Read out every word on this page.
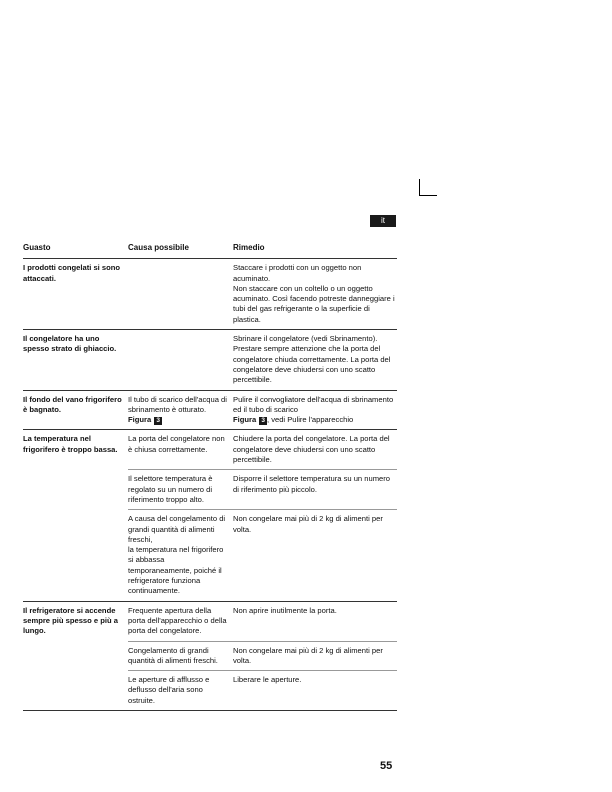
it
Guasto	Causa possibile	Rimedio
I prodotti congelati si sono attaccati.
Staccare i prodotti con un oggetto non acuminato.
Non staccare con un coltello o un oggetto acuminato. Così facendo potreste danneggiare i tubi del gas refrigerante o la superficie di plastica.
Il congelatore ha uno spesso strato di ghiaccio.
Sbrinare il congelatore (vedi Sbrinamento). Prestare sempre attenzione che la porta del congelatore chiuda correttamente. La porta del congelatore deve chiudersi con uno scatto percettibile.
Il fondo del vano frigorifero è bagnato.
Il tubo di scarico dell'acqua di sbrinamento è otturato. Figura 3
Pulire il convogliatore dell'acqua di sbrinamento ed il tubo di scarico
Figura 3 , vedi Pulire l'apparecchio
La temperatura nel frigorifero è troppo bassa.
La porta del congelatore non è chiusa correttamente.
Chiudere la porta del congelatore. La porta del congelatore deve chiudersi con uno scatto percettibile.
Il selettore temperatura è regolato su un numero di riferimento troppo alto.
Disporre il selettore temperatura su un numero di riferimento più piccolo.
A causa del congelamento di grandi quantità di alimenti freschi,
la temperatura nel frigorifero si abbassa temporaneamente, poiché il refrigeratore funziona continuamente.
Non congelare mai più di 2 kg di alimenti per volta.
Il refrigeratore si accende sempre più spesso e più a lungo.
Frequente apertura della porta dell'apparecchio o della porta del congelatore.
Non aprire inutilmente la porta.
Congelamento di grandi quantità di alimenti freschi.
Non congelare mai più di 2 kg di alimenti per volta.
Le aperture di afflusso e deflusso dell'aria sono ostruite.
Liberare le aperture.
55
